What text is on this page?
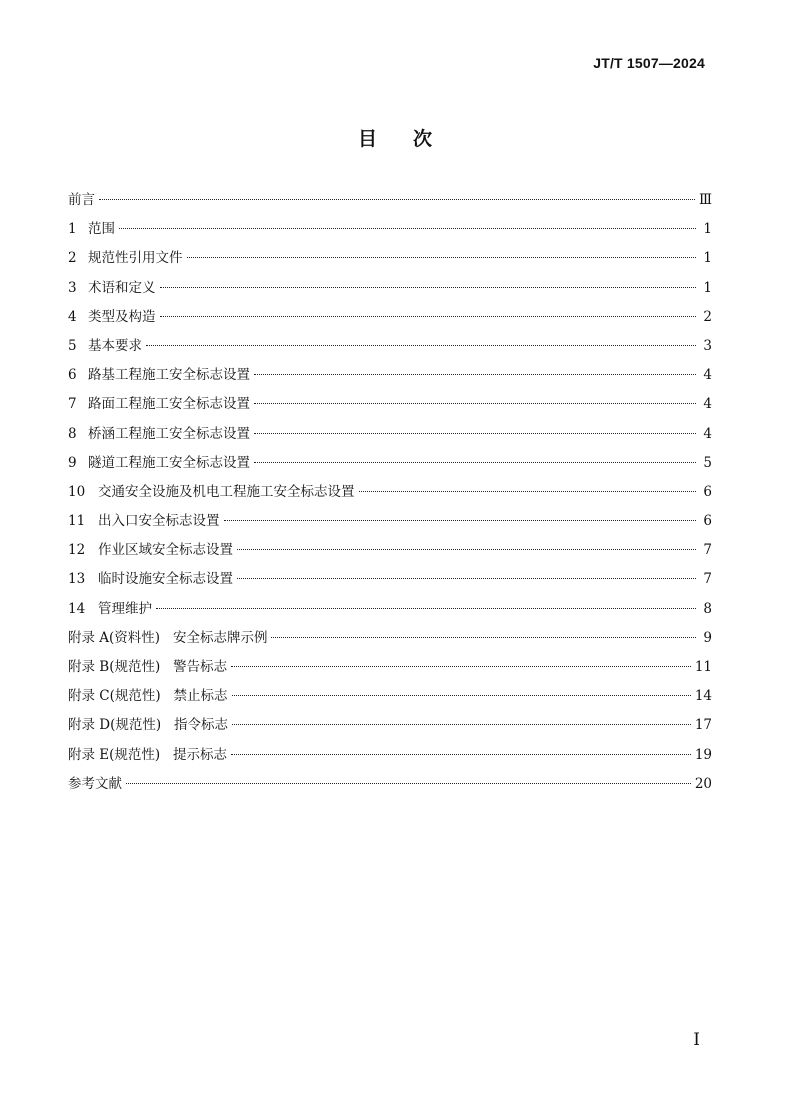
JT/T 1507—2024
目次
前言	Ⅲ
1 范围	1
2 规范性引用文件	1
3 术语和定义	1
4 类型及构造	2
5 基本要求	3
6 路基工程施工安全标志设置	4
7 路面工程施工安全标志设置	4
8 桥涵工程施工安全标志设置	4
9 隧道工程施工安全标志设置	5
10 交通安全设施及机电工程施工安全标志设置	6
11 出入口安全标志设置	6
12 作业区域安全标志设置	7
13 临时设施安全标志设置	7
14 管理维护	8
附录 A(资料性)   安全标志牌示例	9
附录 B(规范性)   警告标志	11
附录 C(规范性)   禁止标志	14
附录 D(规范性)   指令标志	17
附录 E(规范性)   提示标志	19
参考文献	20
I
